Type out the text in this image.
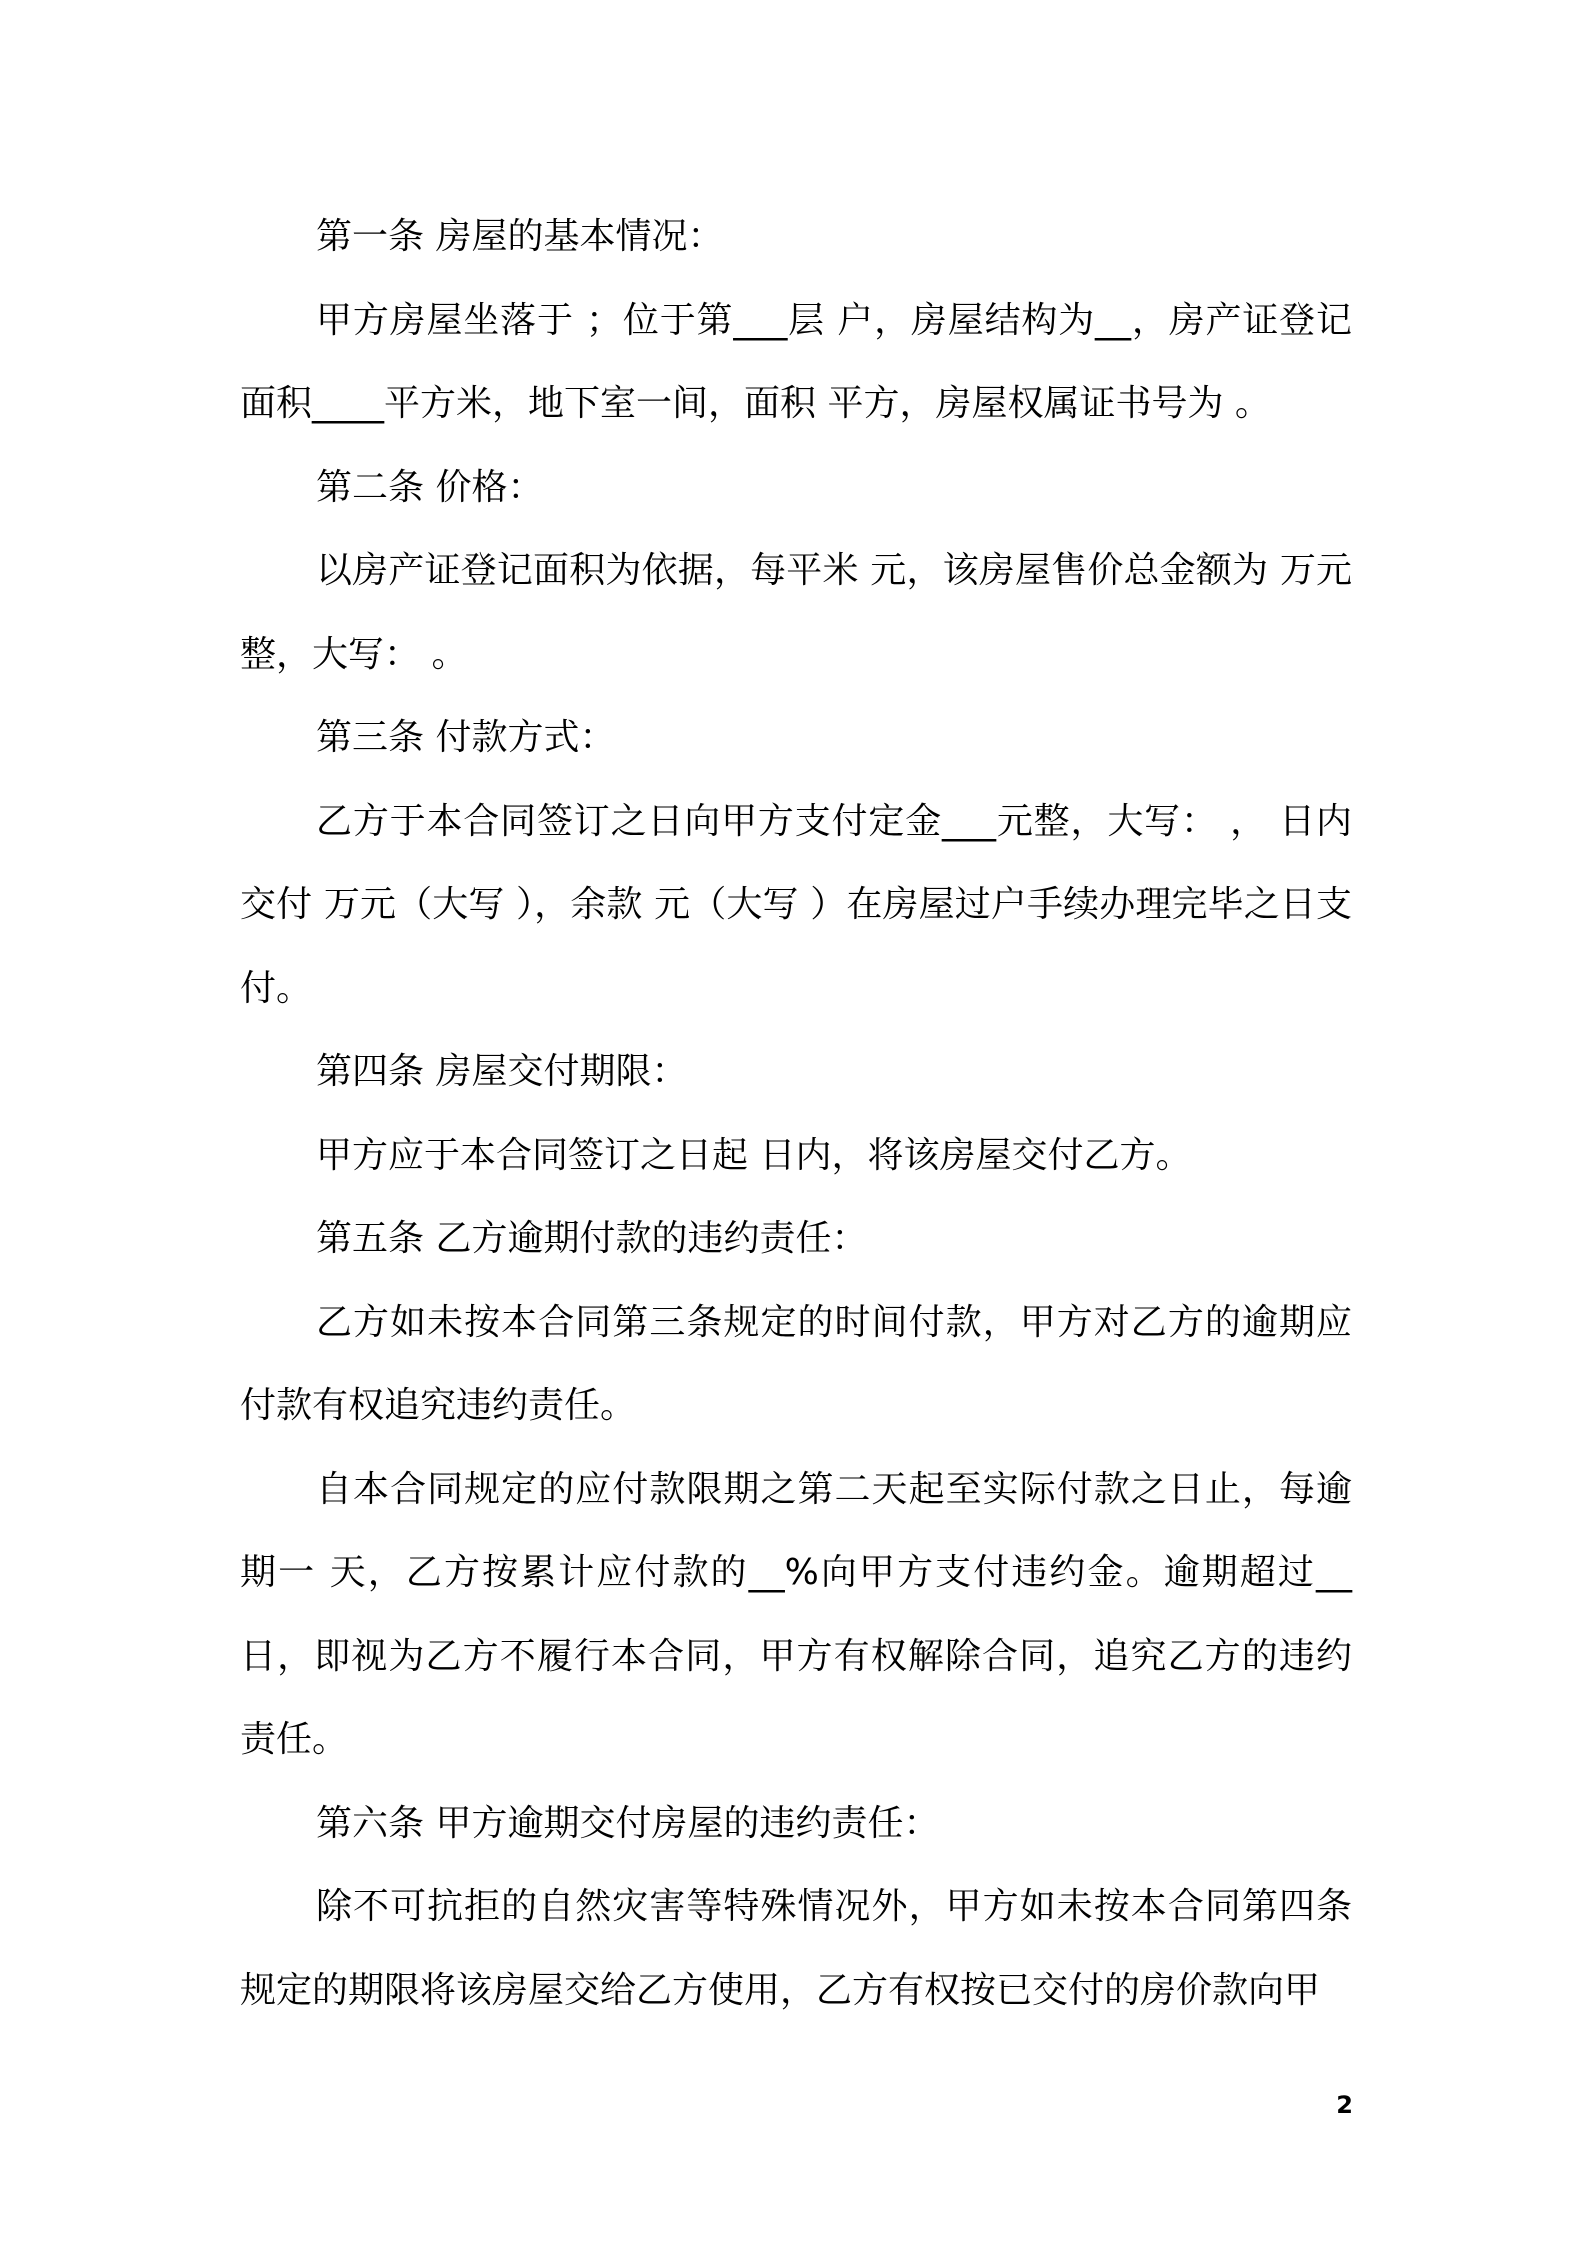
第一条 房屋的基本情况：

甲方房屋坐落于 ；位于第___层 户，房屋结构为__，房产证登记面积____平方米，地下室一间，面积 平方，房屋权属证书号为 。

第二条 价格：

以房产证登记面积为依据，每平米 元，该房屋售价总金额为 万元整，大写： 。

第三条 付款方式：

乙方于本合同签订之日向甲方支付定金___元整，大写： ， 日内交付 万元（大写 ），余款 元（大写 ）在房屋过户手续办理完毕之日支付。

第四条 房屋交付期限：

甲方应于本合同签订之日起 日内，将该房屋交付乙方。

第五条 乙方逾期付款的违约责任：

乙方如未按本合同第三条规定的时间付款，甲方对乙方的逾期应付款有权追究违约责任。

自本合同规定的应付款限期之第二天起至实际付款之日止，每逾期一 天，乙方按累计应付款的__%向甲方支付违约金。逾期超过__日，即视为乙方不履行本合同，甲方有权解除合同，追究乙方的违约责任。

第六条 甲方逾期交付房屋的违约责任：

除不可抗拒的自然灾害等特殊情况外，甲方如未按本合同第四条规定的期限将该房屋交给乙方使用，乙方有权按已交付的房价款向甲

2
